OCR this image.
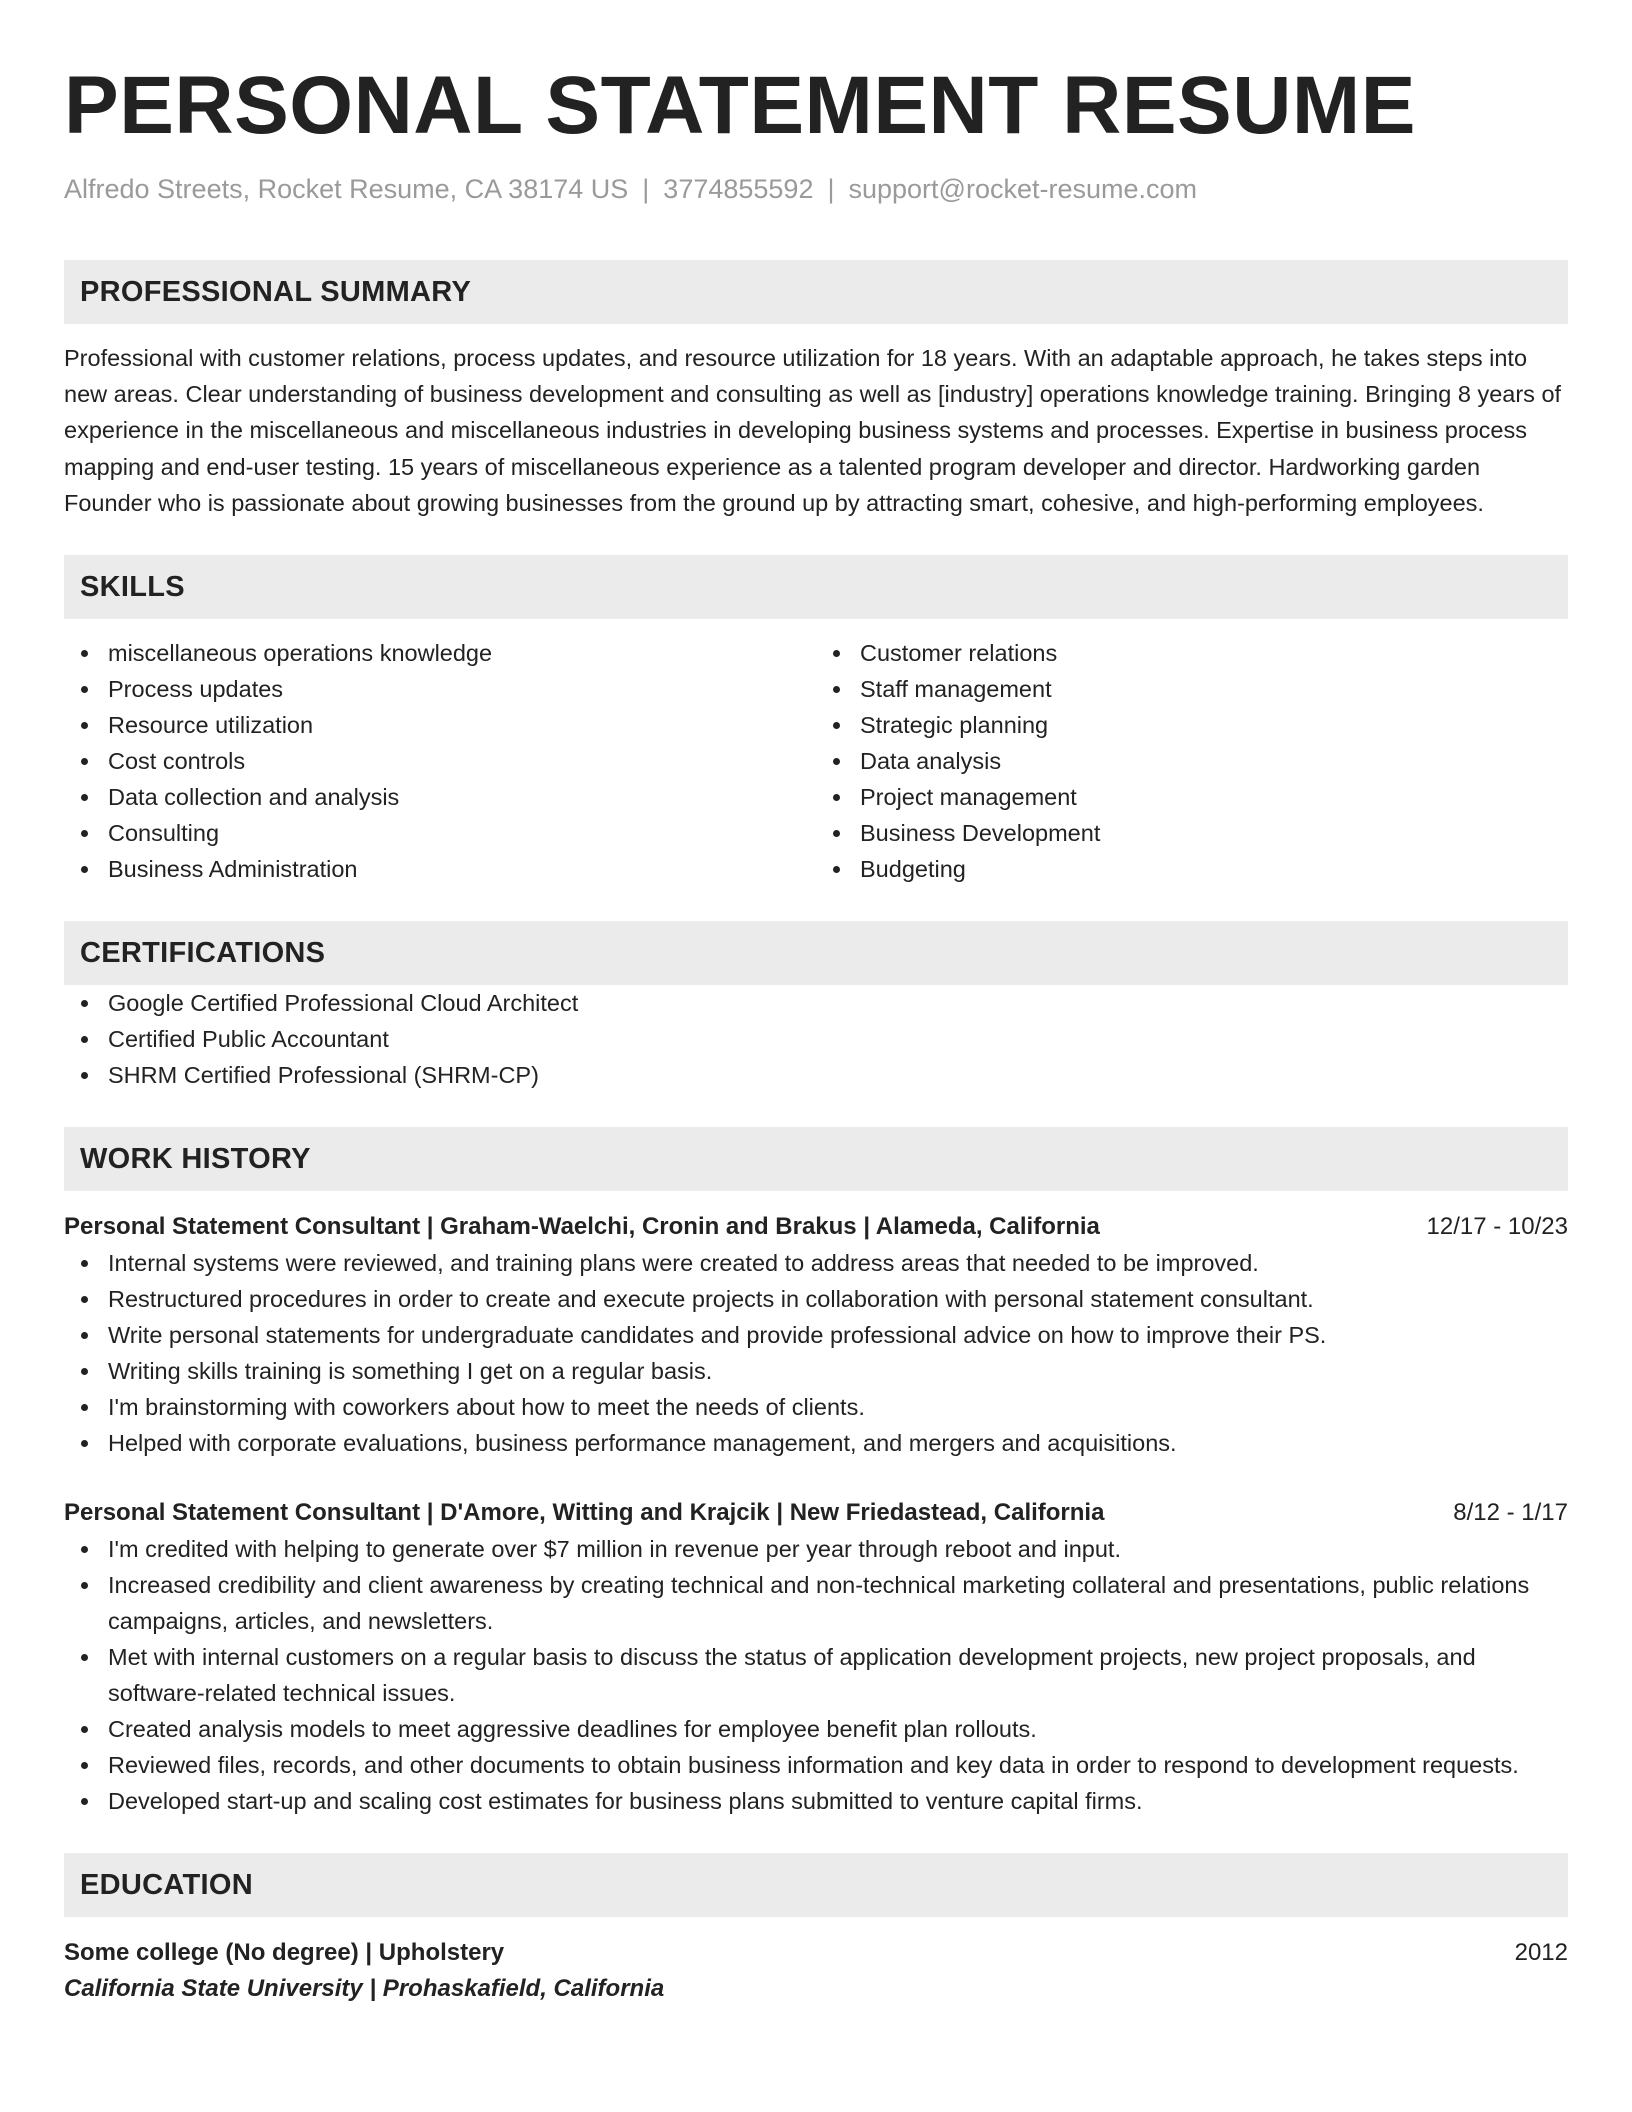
PERSONAL STATEMENT RESUME
Alfredo Streets, Rocket Resume, CA 38174 US | 3774855592 | support@rocket-resume.com
PROFESSIONAL SUMMARY

Professional with customer relations, process updates, and resource utilization for 18 years. With an adaptable approach, he takes steps into new areas. Clear understanding of business development and consulting as well as [industry] operations knowledge training. Bringing 8 years of experience in the miscellaneous and miscellaneous industries in developing business systems and processes. Expertise in business process mapping and end-user testing. 15 years of miscellaneous experience as a talented program developer and director. Hardworking garden Founder who is passionate about growing businesses from the ground up by attracting smart, cohesive, and high-performing employees.

SKILLS
miscellaneous operations knowledge
Process updates
Resource utilization
Cost controls
Data collection and analysis
Consulting
Business Administration
Customer relations
Staff management
Strategic planning
Data analysis
Project management
Business Development
Budgeting
CERTIFICATIONS
Google Certified Professional Cloud Architect
Certified Public Accountant
SHRM Certified Professional (SHRM-CP)
WORK HISTORY
Personal Statement Consultant | Graham-Waelchi, Cronin and Brakus | Alameda, California	12/17 - 10/23
Internal systems were reviewed, and training plans were created to address areas that needed to be improved.
Restructured procedures in order to create and execute projects in collaboration with personal statement consultant.
Write personal statements for undergraduate candidates and provide professional advice on how to improve their PS.
Writing skills training is something I get on a regular basis.
I'm brainstorming with coworkers about how to meet the needs of clients.
Helped with corporate evaluations, business performance management, and mergers and acquisitions.
Personal Statement Consultant | D'Amore, Witting and Krajcik | New Friedastead, California	8/12 - 1/17
I'm credited with helping to generate over $7 million in revenue per year through reboot and input.
Increased credibility and client awareness by creating technical and non-technical marketing collateral and presentations, public relations campaigns, articles, and newsletters.
Met with internal customers on a regular basis to discuss the status of application development projects, new project proposals, and software-related technical issues.
Created analysis models to meet aggressive deadlines for employee benefit plan rollouts.
Reviewed files, records, and other documents to obtain business information and key data in order to respond to development requests.
Developed start-up and scaling cost estimates for business plans submitted to venture capital firms.
EDUCATION
Some college (No degree) | Upholstery	2012
California State University | Prohaskafield, California
